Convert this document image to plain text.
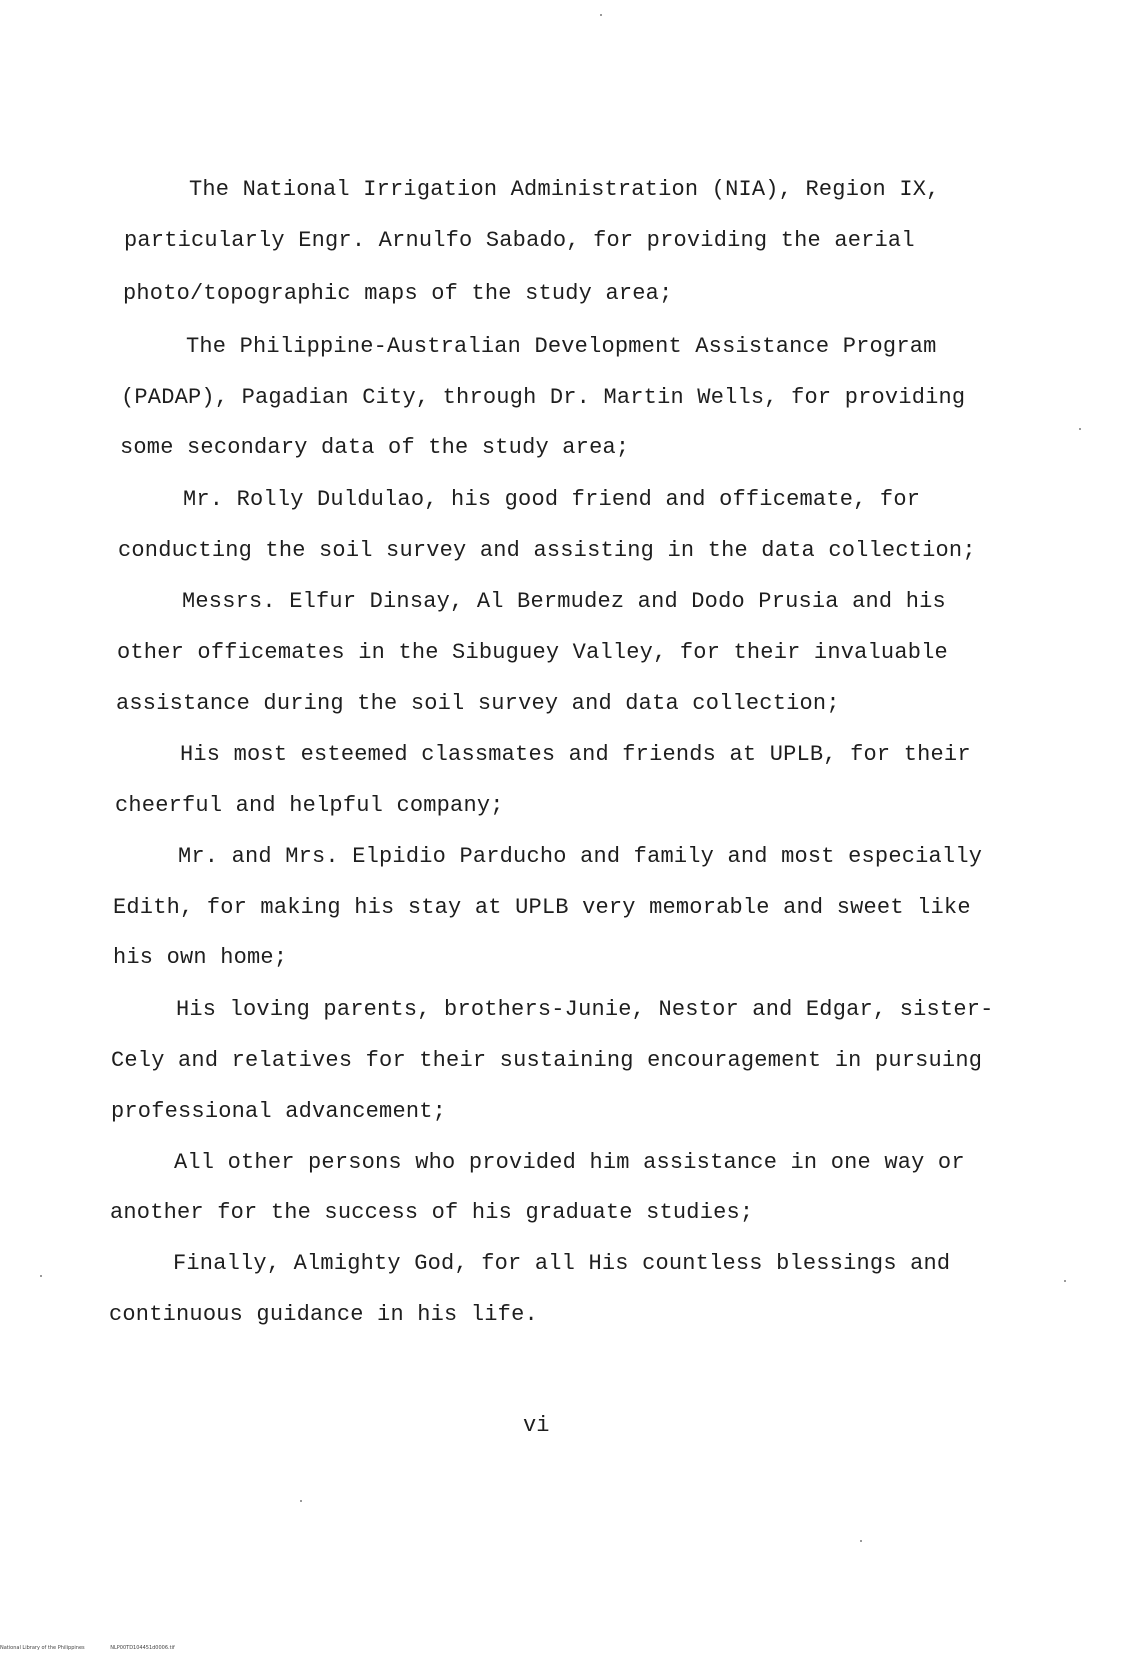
The National Irrigation Administration (NIA), Region IX,
particularly Engr. Arnulfo Sabado, for providing the aerial
photo/topographic maps of the study area;
The Philippine-Australian Development Assistance Program
(PADAP), Pagadian City, through Dr. Martin Wells, for providing
some secondary data of the study area;
Mr. Rolly Duldulao, his good friend and officemate, for
conducting the soil survey and assisting in the data collection;
Messrs. Elfur Dinsay, Al Bermudez and Dodo Prusia and his
other officemates in the Sibuguey Valley, for their invaluable
assistance during the soil survey and data collection;
His most esteemed classmates and friends at UPLB, for their
cheerful and helpful company;
Mr. and Mrs. Elpidio Parducho and family and most especially
Edith, for making his stay at UPLB very memorable and sweet like
his own home;
His loving parents, brothers-Junie, Nestor and Edgar, sister-
Cely and relatives for their sustaining encouragement in pursuing
professional advancement;
All other persons who provided him assistance in one way or
another for the success of his graduate studies;
Finally, Almighty God, for all His countless blessings and
continuous guidance in his life.
vi
National Library of the Philippines	NLP00TD104451d0006.tif
